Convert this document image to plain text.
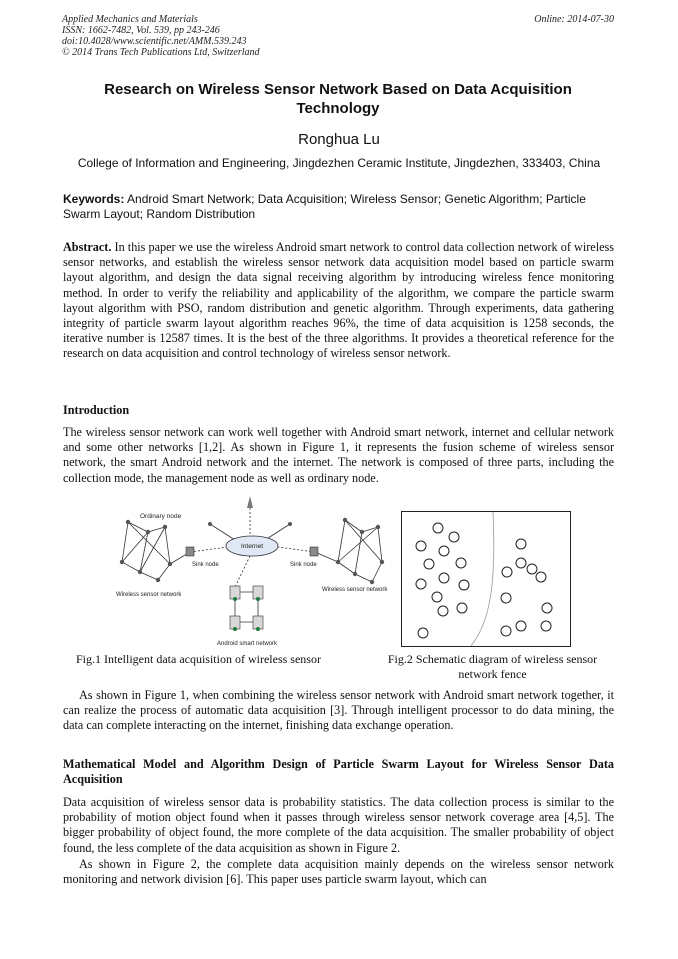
Applied Mechanics and Materials
ISSN: 1662-7482, Vol. 539, pp 243-246
doi:10.4028/www.scientific.net/AMM.539.243
© 2014 Trans Tech Publications Ltd, Switzerland
Online: 2014-07-30
Research on Wireless Sensor Network Based on Data Acquisition Technology
Ronghua Lu
College of Information and Engineering, Jingdezhen Ceramic Institute, Jingdezhen, 333403, China
Keywords: Android Smart Network; Data Acquisition; Wireless Sensor; Genetic Algorithm; Particle Swarm Layout; Random Distribution
Abstract. In this paper we use the wireless Android smart network to control data collection network of wireless sensor networks, and establish the wireless sensor network data acquisition model based on particle swarm layout algorithm, and design the data signal receiving algorithm by introducing wireless fence monitoring method. In order to verify the reliability and applicability of the algorithm, we compare the particle swarm layout algorithm with PSO, random distribution and genetic algorithm. Through experiments, data gathering integrity of particle swarm layout algorithm reaches 96%, the time of data acquisition is 1258 seconds, the iterative number is 12587 times. It is the best of the three algorithms. It provides a theoretical reference for the research on data acquisition and control technology of wireless sensor network.
Introduction
The wireless sensor network can work well together with Android smart network, internet and cellular network and some other networks [1,2]. As shown in Figure 1, it represents the fusion scheme of wireless sensor network, the smart Android network and the internet. The network is composed of three parts, including the collection mode, the management node as well as ordinary node.
Ordinary node
Internet
Sink node	Sink node
Wireless sensor network
Wireless sensor network
Android smart network
Fig.1 Intelligent data acquisition of wireless sensor	Fig.2 Schematic diagram of wireless sensor network fence
As shown in Figure 1, when combining the wireless sensor network with Android smart network together, it can realize the process of automatic data acquisition [3]. Through intelligent processor to do data mining, the data can complete interacting on the internet, finishing data exchange operation.
Mathematical Model and Algorithm Design of Particle Swarm Layout for Wireless Sensor Data Acquisition
Data acquisition of wireless sensor data is probability statistics. The data collection process is similar to the probability of motion object found when it passes through wireless sensor network coverage area [4,5]. The bigger probability of object found, the more complete of the data acquisition. The smaller probability of object found, the less complete of the data acquisition as shown in Figure 2.
As shown in Figure 2, the complete data acquisition mainly depends on the wireless sensor network monitoring and network division [6]. This paper uses particle swarm layout, which can
